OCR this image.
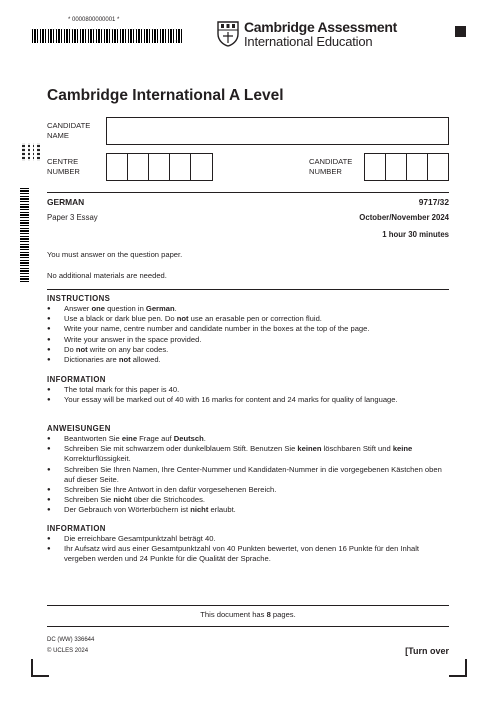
* 0000800000001 *	Cambridge Assessment
International Education
Cambridge International A Level
CANDIDATE
NAME
CENTRE
NUMBER
CANDIDATE
NUMBER
GERMAN	9717/32
Paper 3 Essay	October/November 2024
1 hour 30 minutes
You must answer on the question paper.
No additional materials are needed.
INSTRUCTIONS
● Answer one question in German.
● Use a black or dark blue pen. Do not use an erasable pen or correction fluid.
● Write your name, centre number and candidate number in the boxes at the top of the page.
● Write your answer in the space provided.
● Do not write on any bar codes.
● Dictionaries are not allowed.
INFORMATION
● The total mark for this paper is 40.
● Your essay will be marked out of 40 with 16 marks for content and 24 marks for quality of language.
ANWEISUNGEN
● Beantworten Sie eine Frage auf Deutsch.
● Schreiben Sie mit schwarzem oder dunkelblauem Stift. Benutzen Sie keinen löschbaren Stift und keine Korrekturflüssigkeit.
● Schreiben Sie Ihren Namen, Ihre Center-Nummer und Kandidaten-Nummer in die vorgegebenen Kästchen oben auf dieser Seite.
● Schreiben Sie Ihre Antwort in den dafür vorgesehenen Bereich.
● Schreiben Sie nicht über die Strichcodes.
● Der Gebrauch von Wörterbüchern ist nicht erlaubt.
INFORMATION
● Die erreichbare Gesamtpunktzahl beträgt 40.
● Ihr Aufsatz wird aus einer Gesamtpunktzahl von 40 Punkten bewertet, von denen 16 Punkte für den Inhalt vergeben werden und 24 Punkte für die Qualität der Sprache.
This document has 8 pages.
DC (WW) 336644
© UCLES 2024	[Turn over
